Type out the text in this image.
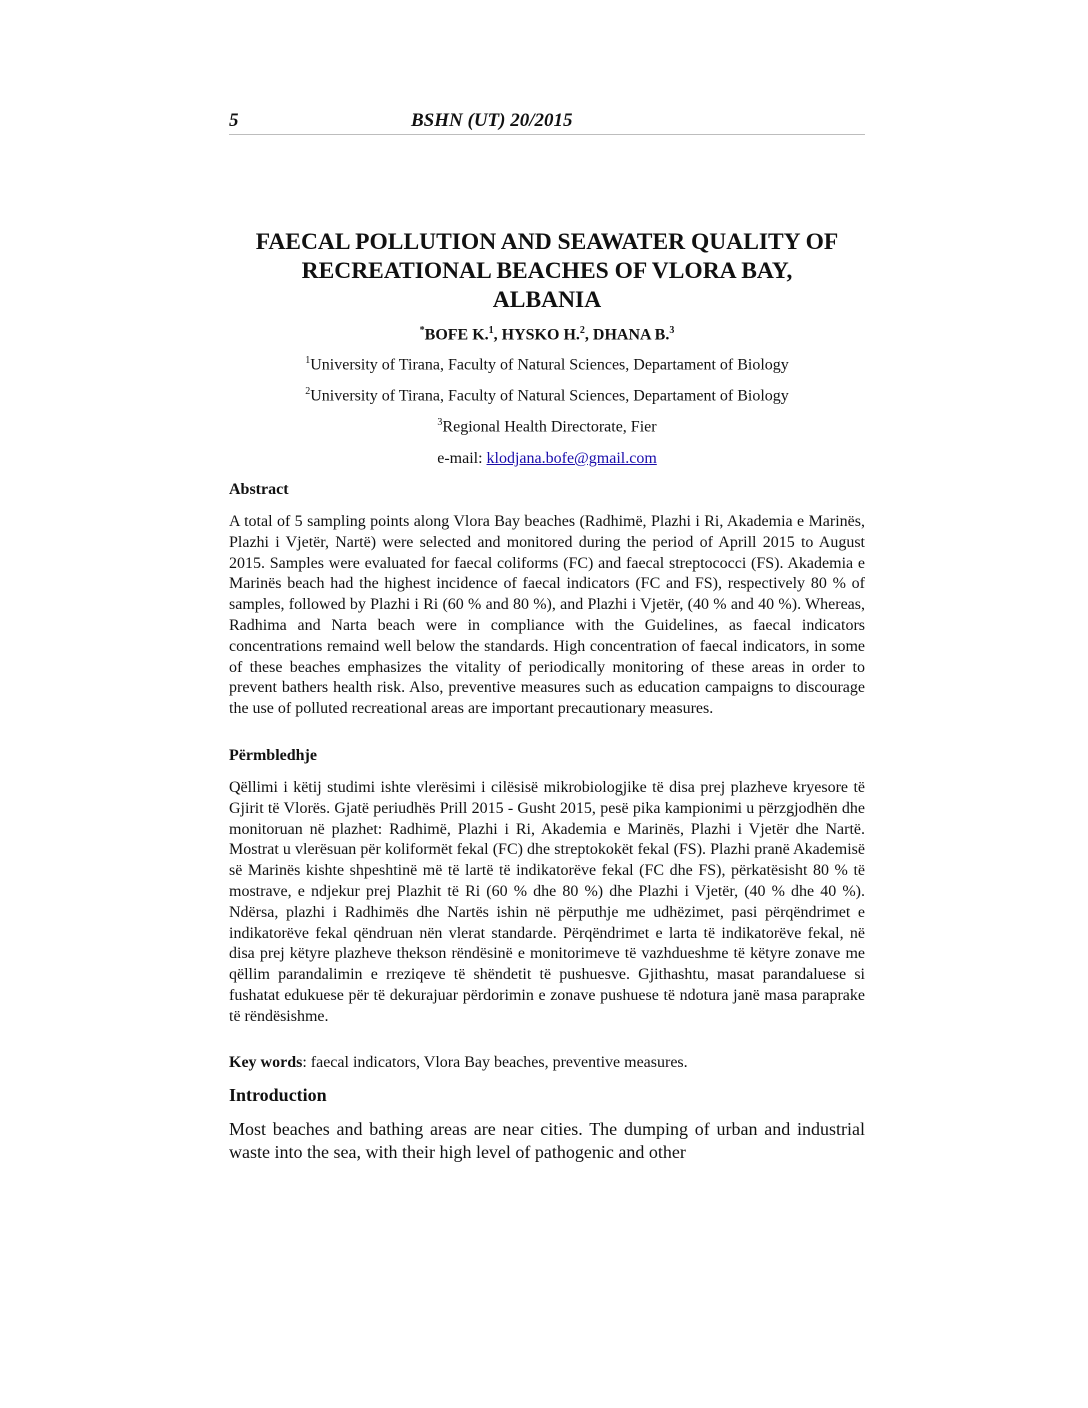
5	BSHN (UT) 20/2015
FAECAL POLLUTION AND SEAWATER QUALITY OF
RECREATIONAL BEACHES OF VLORA BAY,
ALBANIA
*BOFE K.$^1$, HYSKO H.$^2$, DHANA B.$^3$
$^1$University of Tirana, Faculty of Natural Sciences, Departament of Biology
$^2$University of Tirana, Faculty of Natural Sciences, Departament of Biology
$^3$Regional Health Directorate, Fier
e-mail: klodjana.bofe@gmail.com
Abstract

A total of 5 sampling points along Vlora Bay beaches (Radhimë, Plazhi i Ri, Akademia e Marinës, Plazhi i Vjetër, Nartë) were selected and monitored during the period of Aprill 2015 to August 2015. Samples were evaluated for faecal coliforms (FC) and faecal streptococci (FS). Akademia e Marinës beach had the highest incidence of faecal indicators (FC and FS), respectively 80 % of samples, followed by Plazhi i Ri (60 % and 80 %), and Plazhi i Vjetër, (40 % and 40 %). Whereas, Radhima and Narta beach were in compliance with the Guidelines, as faecal indicators concentrations remaind well below the standards. High concentration of faecal indicators, in some of these beaches emphasizes the vitality of periodically monitoring of these areas in order to prevent bathers health risk. Also, preventive measures such as education campaigns to discourage the use of polluted recreational areas are important precautionary measures.

Përmbledhje

Qëllimi i këtij studimi ishte vlerësimi i cilësisë mikrobiologjike të disa prej plazheve kryesore të Gjirit të Vlorës. Gjatë periudhës Prill 2015 - Gusht 2015, pesë pika kampionimi u përzgjodhën dhe monitoruan në plazhet: Radhimë, Plazhi i Ri, Akademia e Marinës, Plazhi i Vjetër dhe Nartë. Mostrat u vlerësuan për koliformët fekal (FC) dhe streptokokët fekal (FS). Plazhi pranë Akademisë së Marinës kishte shpeshtinë më të lartë të indikatorëve fekal (FC dhe FS), përkatësisht 80 % të mostrave, e ndjekur prej Plazhit të Ri (60 % dhe 80 %) dhe Plazhi i Vjetër, (40 % dhe 40 %). Ndërsa, plazhi i Radhimës dhe Nartës ishin në përputhje me udhëzimet, pasi përqëndrimet e indikatorëve fekal qëndruan nën vlerat standarde. Përqëndrimet e larta të indikatorëve fekal, në disa prej këtyre plazheve thekson rëndësinë e monitorimeve të vazhdueshme të këtyre zonave me qëllim parandalimin e rreziqeve të shëndetit të pushuesve. Gjithashtu, masat parandaluese si fushatat edukuese për të dekurajuar përdorimin e zonave pushuese të ndotura janë masa paraprake të rëndësishme.

Key words: faecal indicators, Vlora Bay beaches, preventive measures.
Introduction

Most beaches and bathing areas are near cities. The dumping of urban and industrial waste into the sea, with their high level of pathogenic and other
